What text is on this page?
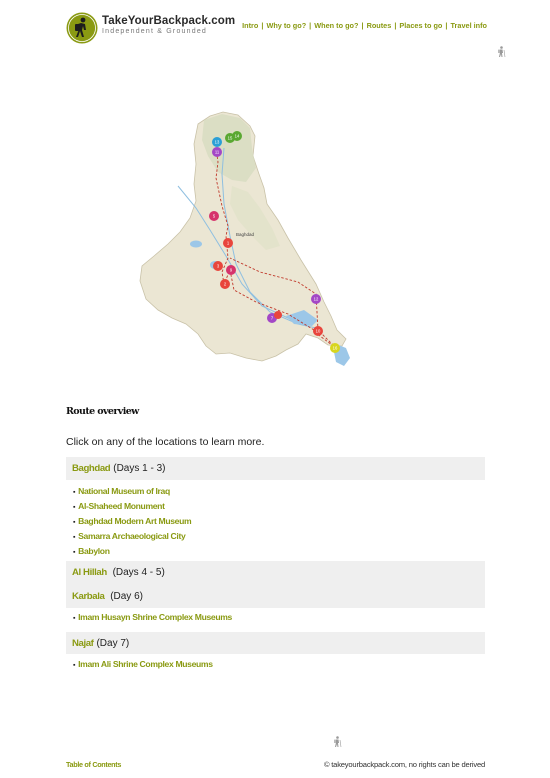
TakeYourBackpack.com
Independent & Grounded
Intro | Why to go? | When to go? | Routes | Places to go | Travel info
Baghdad
15 14
13
11
5
1
3
9
2
12
7
10
16
Route overview
Click on any of the locations to learn more.
Baghdad (Days 1 - 3)
▪ National Museum of Iraq
▪ Al-Shaheed Monument
▪ Baghdad Modern Art Museum
▪ Samarra Archaeological City
▪ Babylon
Al Hillah (Days 4 - 5)
Karbala (Day 6)
▪ Imam Husayn Shrine Complex Museums
Najaf (Day 7)
▪ Imam Ali Shrine Complex Museums
Table of Contents	© takeyourbackpack.com, no rights can be derived
